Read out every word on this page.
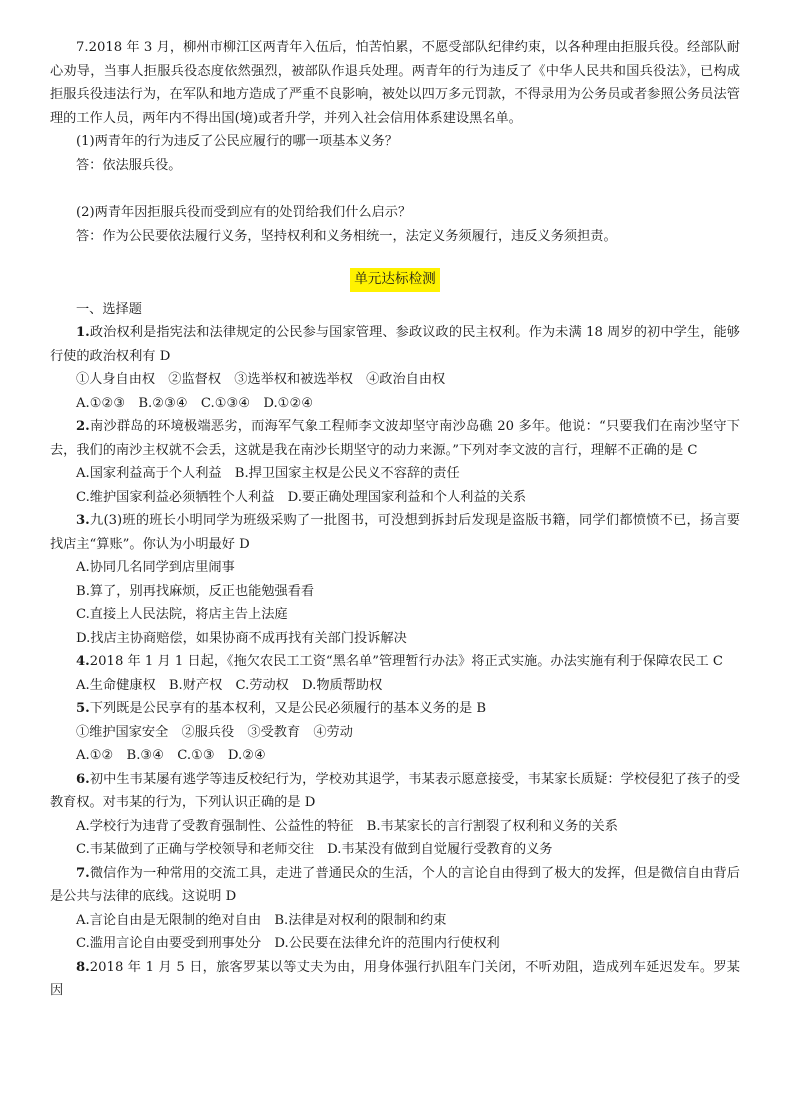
7.2018 年 3 月，柳州市柳江区两青年入伍后，怕苦怕累，不愿受部队纪律约束，以各种理由拒服兵役。经部队耐心劝导，当事人拒服兵役态度依然强烈，被部队作退兵处理。两青年的行为违反了《中华人民共和国兵役法》，已构成拒服兵役违法行为，在军队和地方造成了严重不良影响，被处以四万多元罚款，不得录用为公务员或者参照公务员法管理的工作人员，两年内不得出国(境)或者升学，并列入社会信用体系建设黑名单。

(1)两青年的行为违反了公民应履行的哪一项基本义务？

答：依法服兵役。

(2)两青年因拒服兵役而受到应有的处罚给我们什么启示？

答：作为公民要依法履行义务，坚持权利和义务相统一，法定义务须履行，违反义务须担责。

单元达标检测

一、选择题

1.政治权利是指宪法和法律规定的公民参与国家管理、参政议政的民主权利。作为未满 18 周岁的初中学生，能够行使的政治权利有 D

①人身自由权　②监督权　③选举权和被选举权　④政治自由权

A.①②③　B.②③④　C.①③④　D.①②④

2.南沙群岛的环境极端恶劣，而海军气象工程师李文波却坚守南沙岛礁 20 多年。他说：“只要我们在南沙坚守下去，我们的南沙主权就不会丢，这就是我在南沙长期坚守的动力来源。”下列对李文波的言行，理解不正确的是 C

A.国家利益高于个人利益　B.捍卫国家主权是公民义不容辞的责任

C.维护国家利益必须牺牲个人利益　D.要正确处理国家利益和个人利益的关系

3.九(3)班的班长小明同学为班级采购了一批图书，可没想到拆封后发现是盗版书籍，同学们都愤愤不已，扬言要找店主“算账”。你认为小明最好 D

A.协同几名同学到店里闹事

B.算了，别再找麻烦，反正也能勉强看看

C.直接上人民法院，将店主告上法庭

D.找店主协商赔偿，如果协商不成再找有关部门投诉解决

4.2018 年 1 月 1 日起，《拖欠农民工工资“黑名单”管理暂行办法》将正式实施。办法实施有利于保障农民工 C

A.生命健康权　B.财产权　C.劳动权　D.物质帮助权

5.下列既是公民享有的基本权利，又是公民必须履行的基本义务的是 B

①维护国家安全　②服兵役　③受教育　④劳动

A.①②　B.③④　C.①③　D.②④

6.初中生韦某屡有逃学等违反校纪行为，学校劝其退学，韦某表示愿意接受，韦某家长质疑：学校侵犯了孩子的受教育权。对韦某的行为，下列认识正确的是 D

A.学校行为违背了受教育强制性、公益性的特征　B.韦某家长的言行割裂了权利和义务的关系

C.韦某做到了正确与学校领导和老师交往　D.韦某没有做到自觉履行受教育的义务

7.微信作为一种常用的交流工具，走进了普通民众的生活，个人的言论自由得到了极大的发挥，但是微信自由背后是公共与法律的底线。这说明 D

A.言论自由是无限制的绝对自由　B.法律是对权利的限制和约束

C.滥用言论自由要受到刑事处分　D.公民要在法律允许的范围内行使权利

8.2018 年 1 月 5 日，旅客罗某以等丈夫为由，用身体强行扒阻车门关闭，不听劝阻，造成列车延迟发车。罗某因
